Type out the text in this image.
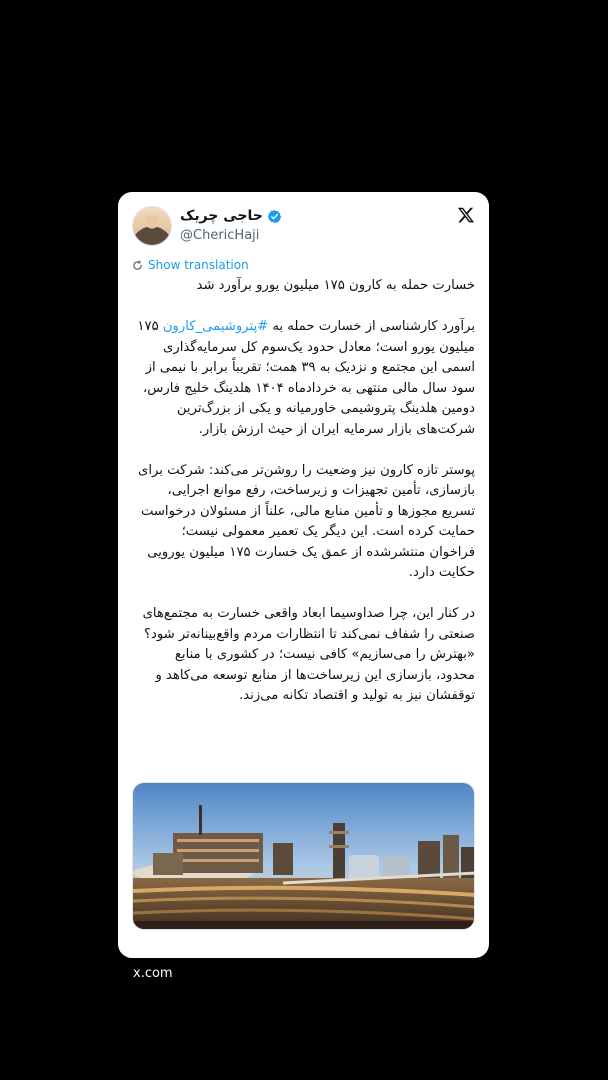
حاجی چریک
@ChericHaji
Show translation

خسارت حمله به کارون ۱۷۵ میلیون یورو برآورد شد

برآورد کارشناسی از خسارت حمله به #پتروشیمی_کارون ۱۷۵ میلیون یورو است؛ معادل حدود یک‌سوم کل سرمایه‌گذاری اسمی این مجتمع و نزدیک به ۳۹ همت؛ تقریباً برابر با نیمی از سود سال مالی منتهی به خردادماه ۱۴۰۴ هلدینگ خلیج فارس، دومین هلدینگ پتروشیمی خاورمیانه و یکی از بزرگ‌ترین شرکت‌های بازار سرمایه ایران از حیث ارزش بازار.

پوستر تازه کارون نیز وضعیت را روشن‌تر می‌کند: شرکت برای بازسازی، تأمین تجهیزات و زیرساخت، رفع موانع اجرایی، تسریع مجوزها و تأمین منابع مالی، علناً از مسئولان درخواست حمایت کرده است. این دیگر یک تعمیر معمولی نیست؛ فراخوان منتشرشده از عمق یک خسارت ۱۷۵ میلیون یورویی حکایت دارد.

در کنار این، چرا صداوسیما ابعاد واقعی خسارت به مجتمع‌های صنعتی را شفاف نمی‌کند تا انتظارات مردم واقع‌بینانه‌تر شود؟ «بهترش را می‌سازیم» کافی نیست؛ در کشوری با منابع محدود، بازسازی این زیرساخت‌ها از منابع توسعه می‌کاهد و توقفشان نیز به تولید و اقتصاد تکانه می‌زند.

x.com
